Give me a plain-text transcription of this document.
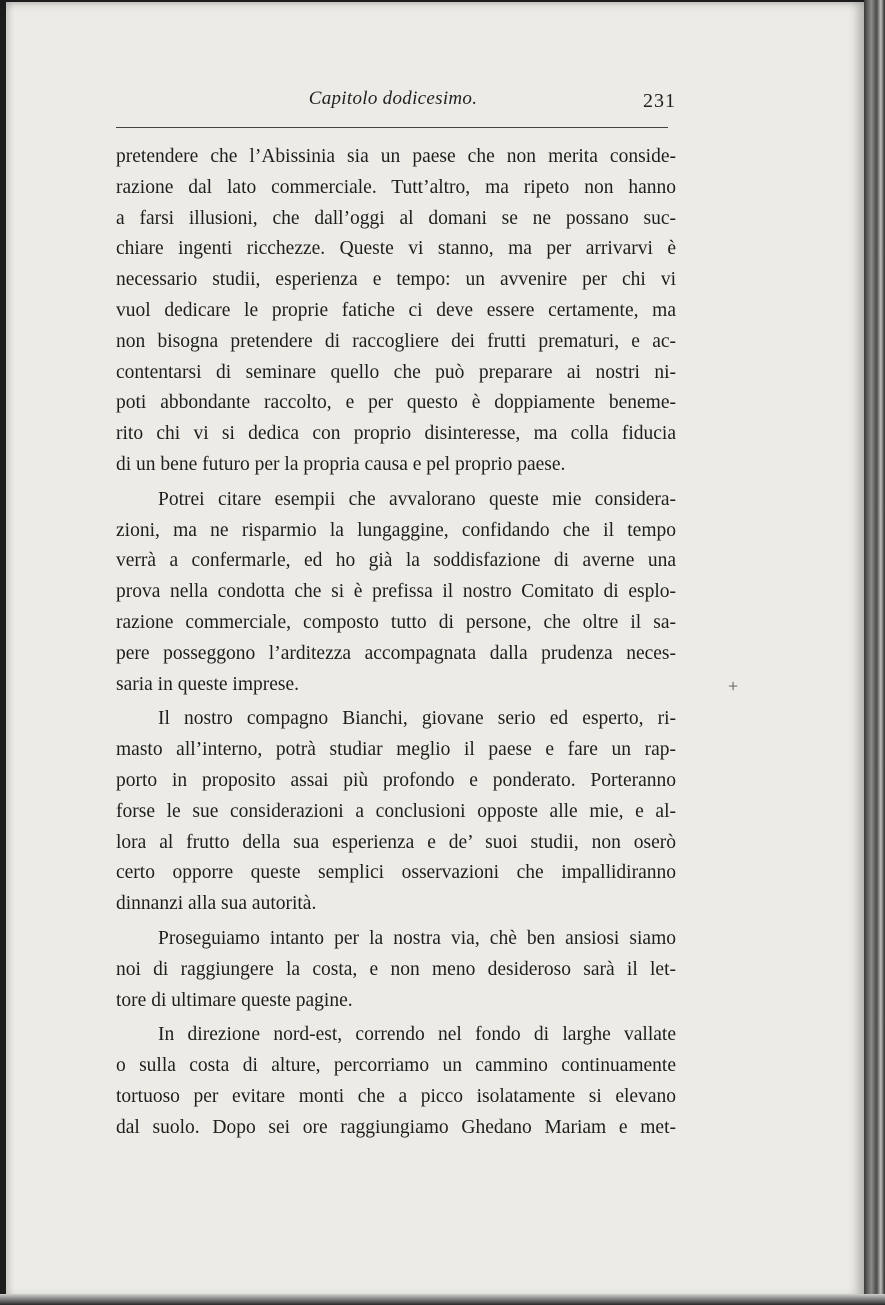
Capitolo dodicesimo.	231
pretendere che l’Abissinia sia un paese che non merita conside-
razione dal lato commerciale. Tutt’altro, ma ripeto non hanno
a farsi illusioni, che dall’oggi al domani se ne possano suc-
chiare ingenti ricchezze. Queste vi stanno, ma per arrivarvi è
necessario studii, esperienza e tempo: un avvenire per chi vi
vuol dedicare le proprie fatiche ci deve essere certamente, ma
non bisogna pretendere di raccogliere dei frutti prematuri, e ac-
contentarsi di seminare quello che può preparare ai nostri ni-
poti abbondante raccolto, e per questo è doppiamente beneme-
rito chi vi si dedica con proprio disinteresse, ma colla fiducia
di un bene futuro per la propria causa e pel proprio paese.
Potrei citare esempii che avvalorano queste mie considera-
zioni, ma ne risparmio la lungaggine, confidando che il tempo
verrà a confermarle, ed ho già la soddisfazione di averne una
prova nella condotta che si è prefissa il nostro Comitato di esplo-
razione commerciale, composto tutto di persone, che oltre il sa-
pere posseggono l’arditezza accompagnata dalla prudenza neces-
saria in queste imprese.
Il nostro compagno Bianchi, giovane serio ed esperto, ri-
masto all’interno, potrà studiar meglio il paese e fare un rap-
porto in proposito assai più profondo e ponderato. Porteranno
forse le sue considerazioni a conclusioni opposte alle mie, e al-
lora al frutto della sua esperienza e de’ suoi studii, non oserò
certo opporre queste semplici osservazioni che impallidiranno
dinnanzi alla sua autorità.
Proseguiamo intanto per la nostra via, chè ben ansiosi siamo
noi di raggiungere la costa, e non meno desideroso sarà il let-
tore di ultimare queste pagine.
In direzione nord-est, correndo nel fondo di larghe vallate
o sulla costa di alture, percorriamo un cammino continuamente
tortuoso per evitare monti che a picco isolatamente si elevano
dal suolo. Dopo sei ore raggiungiamo Ghedano Mariam e met-
+
